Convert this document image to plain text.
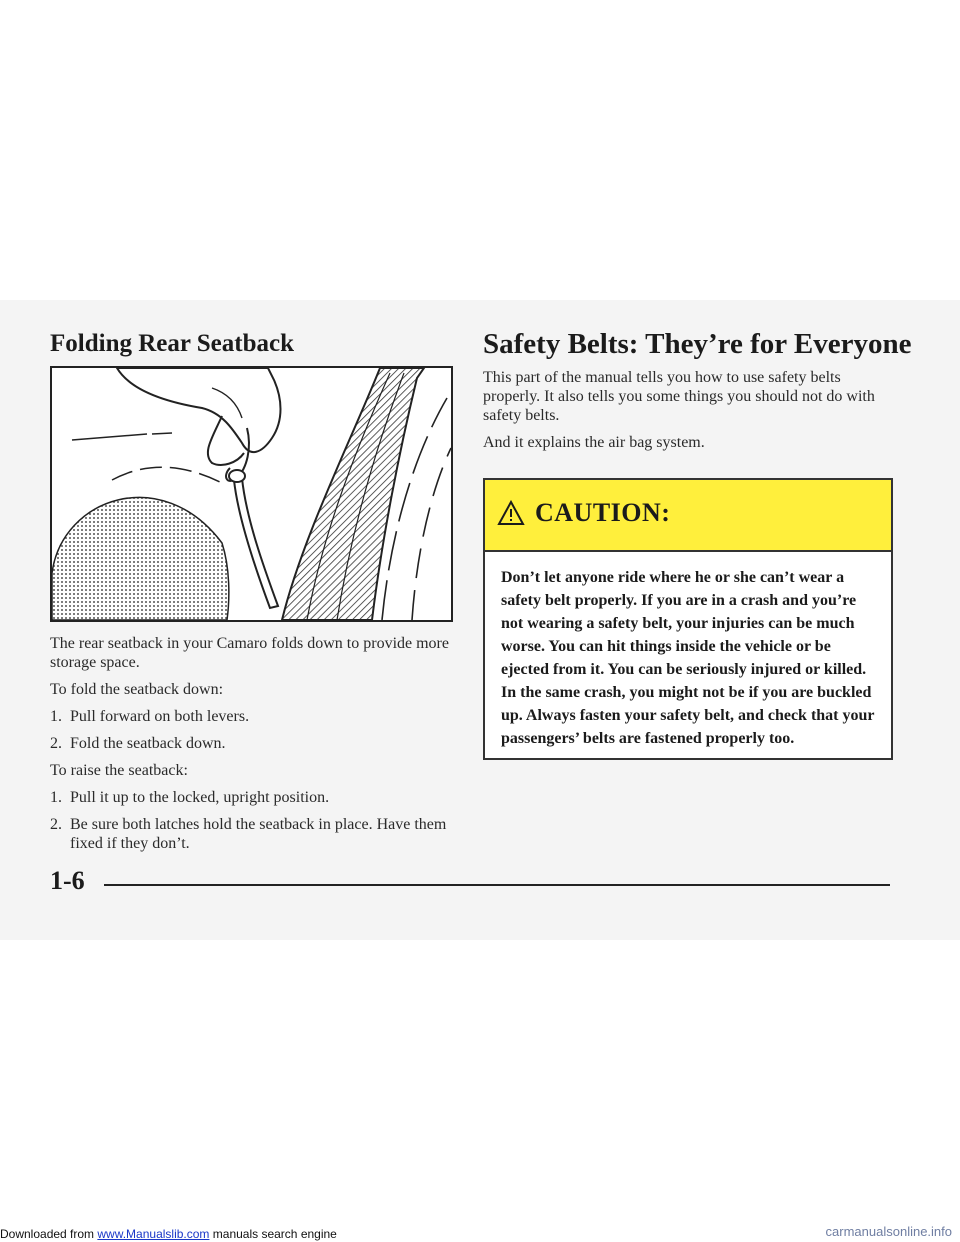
Folding Rear Seatback

The rear seatback in your Camaro folds down to provide more storage space.

To fold the seatback down:

1. Pull forward on both levers.
2. Fold the seatback down.

To raise the seatback:

1. Pull it up to the locked, upright position.
2. Be sure both latches hold the seatback in place. Have them fixed if they don’t.
Safety Belts: They’re for Everyone

This part of the manual tells you how to use safety belts properly. It also tells you some things you should not do with safety belts.

And it explains the air bag system.

CAUTION:
Don’t let anyone ride where he or she can’t wear a safety belt properly. If you are in a crash and you’re not wearing a safety belt, your injuries can be much worse. You can hit things inside the vehicle or be ejected from it. You can be seriously injured or killed. In the same crash, you might not be if you are buckled up. Always fasten your safety belt, and check that your passengers’ belts are fastened properly too.
1-6
Downloaded from www.Manualslib.com manuals search engine	carmanualsonline.info
